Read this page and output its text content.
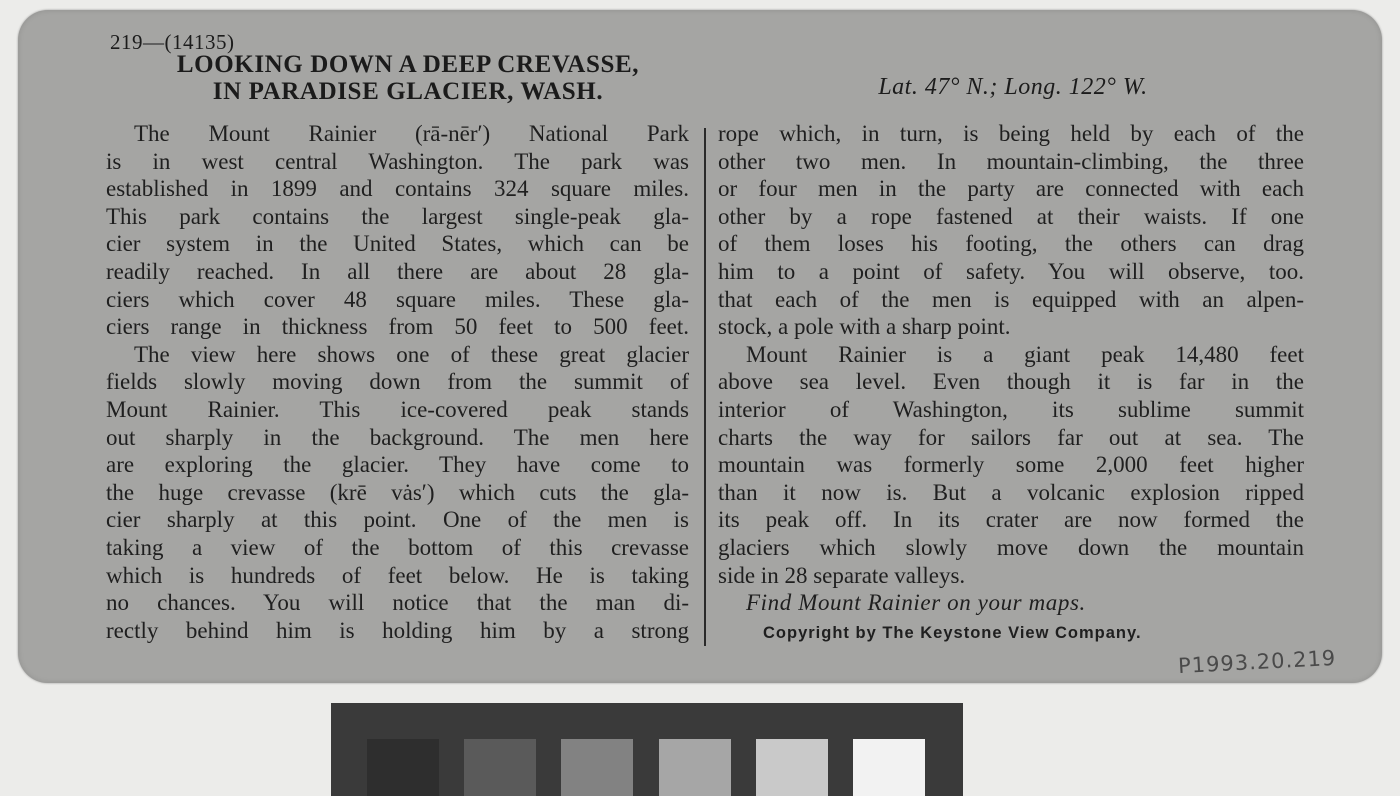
219—(14135)
LOOKING DOWN A DEEP CREVASSE,
IN PARADISE GLACIER, WASH.	Lat. 47° N.; Long. 122° W.
The Mount Rainier (rā-nēr′) National Park
is in west central Washington. The park was
established in 1899 and contains 324 square miles.
This park contains the largest single-peak gla-
cier system in the United States, which can be
readily reached. In all there are about 28 gla-
ciers which cover 48 square miles. These gla-
ciers range in thickness from 50 feet to 500 feet.
The view here shows one of these great glacier
fields slowly moving down from the summit of
Mount Rainier. This ice-covered peak stands
out sharply in the background. The men here
are exploring the glacier. They have come to
the huge crevasse (krē vȧs′) which cuts the gla-
cier sharply at this point. One of the men is
taking a view of the bottom of this crevasse
which is hundreds of feet below. He is taking
no chances. You will notice that the man di-
rectly behind him is holding him by a strong
rope which, in turn, is being held by each of the
other two men. In mountain-climbing, the three
or four men in the party are connected with each
other by a rope fastened at their waists. If one
of them loses his footing, the others can drag
him to a point of safety. You will observe, too.
that each of the men is equipped with an alpen-
stock, a pole with a sharp point.
Mount Rainier is a giant peak 14,480 feet
above sea level. Even though it is far in the
interior of Washington, its sublime summit
charts the way for sailors far out at sea. The
mountain was formerly some 2,000 feet higher
than it now is. But a volcanic explosion ripped
its peak off. In its crater are now formed the
glaciers which slowly move down the mountain
side in 28 separate valleys.
Find Mount Rainier on your maps.
Copyright by The Keystone View Company.
P1993.20.219
